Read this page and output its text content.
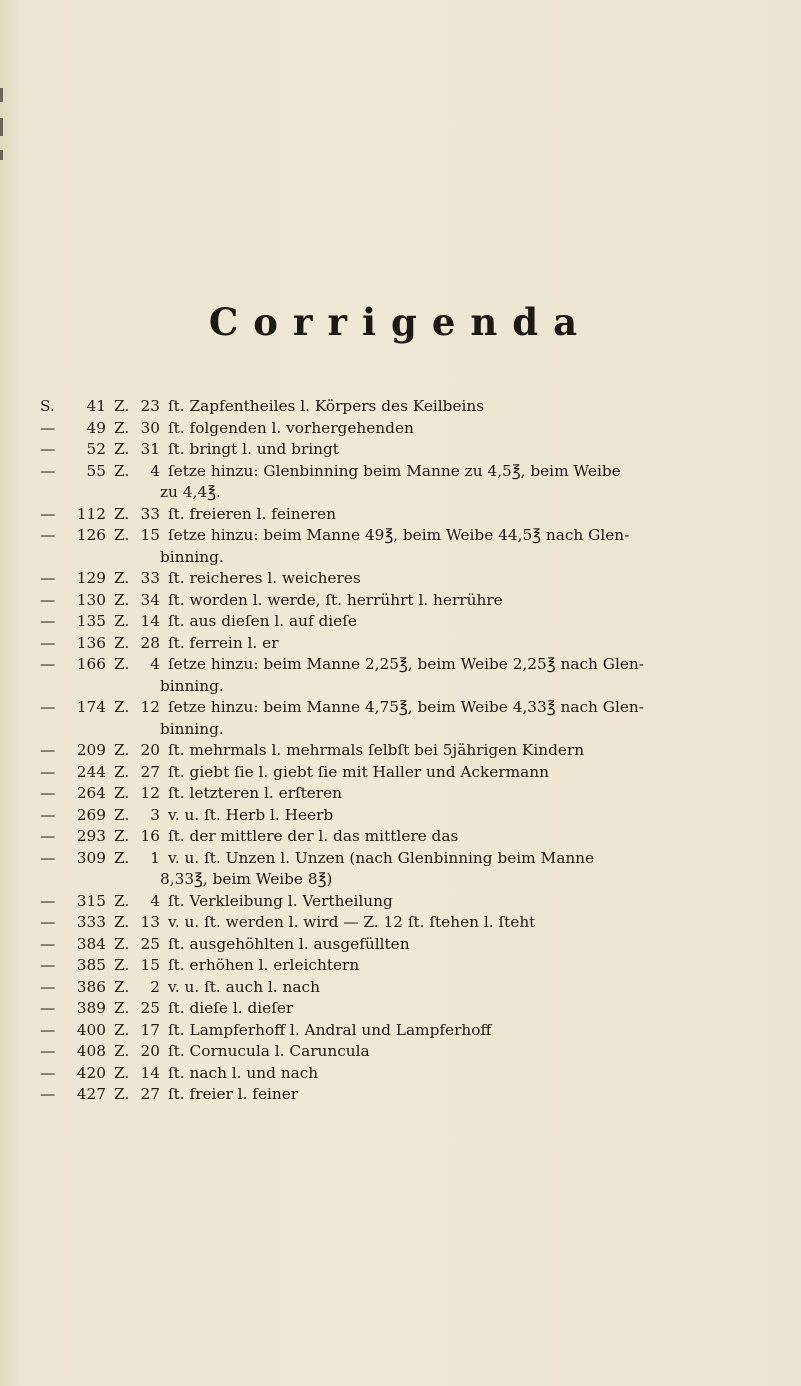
Corrigenda
S.	41 Z. 23 ſt. Zapfentheiles l. Körpers des Keilbeins
—	49 Z. 30 ſt. folgenden l. vorhergehenden
—	52 Z. 31 ſt. bringt l. und bringt
—	55 Z.	4 ſetze hinzu: Glenbinning beim Manne zu 4,5℥, beim Weibe
zu 4,4℥.
—	112 Z. 33 ſt. freieren l. feineren
—	126 Z. 15 ſetze hinzu: beim Manne 49℥, beim Weibe 44,5℥ nach Glen-
binning.
—	129 Z. 33 ſt. reicheres l. weicheres
—	130 Z. 34 ſt. worden l. werde, ſt. herrührt l. herrühre
—	135 Z. 14 ſt. aus dieſen l. auf dieſe
—	136 Z. 28 ſt. ferrein l. er
—	166 Z.	4 ſetze hinzu: beim Manne 2,25℥, beim Weibe 2,25℥ nach Glen-
binning.
—	174 Z. 12 ſetze hinzu: beim Manne 4,75℥, beim Weibe 4,33℥ nach Glen-
binning.
—	209 Z. 20 ſt. mehrmals l. mehrmals ſelbſt bei 5jährigen Kindern
—	244 Z. 27 ſt. giebt ſie l. giebt ſie mit Haller und Ackermann
—	264 Z. 12 ſt. letzteren l. erſteren
—	269 Z.	3 v. u. ſt. Herb l. Heerb
—	293 Z. 16 ſt. der mittlere der l. das mittlere das
—	309 Z.	1 v. u. ſt. Unzen l. Unzen (nach Glenbinning beim Manne
8,33℥, beim Weibe 8℥)
—	315 Z.	4 ſt. Verkleibung l. Vertheilung
—	333 Z. 13 v. u. ſt. werden l. wird — Z. 12 ſt. ſtehen l. ſteht
—	384 Z. 25 ſt. ausgehöhlten l. ausgefüllten
—	385 Z. 15 ſt. erhöhen l. erleichtern
—	386 Z.	2 v. u. ſt. auch l. nach
—	389 Z. 25 ſt. dieſe l. dieſer
—	400 Z. 17 ſt. Lampferhoff l. Andral und Lampferhoff
—	408 Z. 20 ſt. Cornucula l. Caruncula
—	420 Z. 14 ſt. nach l. und nach
—	427 Z. 27 ſt. freier l. feiner
